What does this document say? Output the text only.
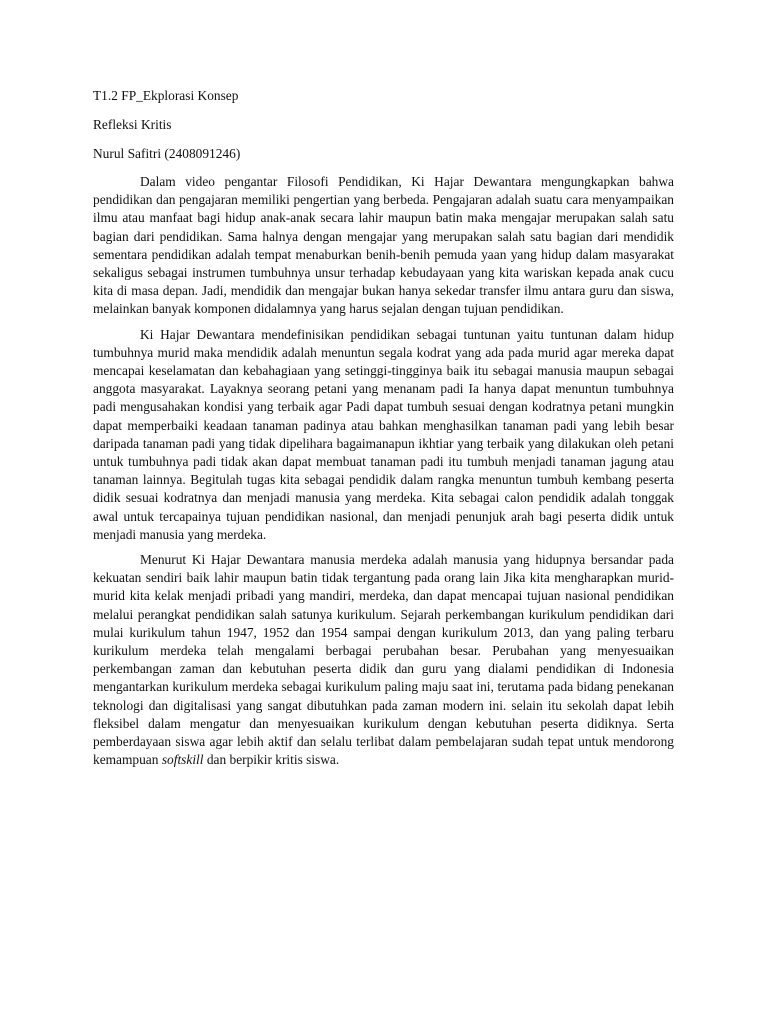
T1.2 FP_Ekplorasi Konsep

Refleksi Kritis

Nurul Safitri (2408091246)

Dalam video pengantar Filosofi Pendidikan, Ki Hajar Dewantara mengungkapkan bahwa pendidikan dan pengajaran memiliki pengertian yang berbeda. Pengajaran adalah suatu cara menyampaikan ilmu atau manfaat bagi hidup anak-anak secara lahir maupun batin maka mengajar merupakan salah satu bagian dari pendidikan. Sama halnya dengan mengajar yang merupakan salah satu bagian dari mendidik sementara pendidikan adalah tempat menaburkan benih-benih pemuda yaan yang hidup dalam masyarakat sekaligus sebagai instrumen tumbuhnya unsur terhadap kebudayaan yang kita wariskan kepada anak cucu kita di masa depan. Jadi, mendidik dan mengajar bukan hanya sekedar transfer ilmu antara guru dan siswa, melainkan banyak komponen didalamnya yang harus sejalan dengan tujuan pendidikan.

Ki Hajar Dewantara mendefinisikan pendidikan sebagai tuntunan yaitu tuntunan dalam hidup tumbuhnya murid maka mendidik adalah menuntun segala kodrat yang ada pada murid agar mereka dapat mencapai keselamatan dan kebahagiaan yang setinggi-tingginya baik itu sebagai manusia maupun sebagai anggota masyarakat. Layaknya seorang petani yang menanam padi Ia hanya dapat menuntun tumbuhnya padi mengusahakan kondisi yang terbaik agar Padi dapat tumbuh sesuai dengan kodratnya petani mungkin dapat memperbaiki keadaan tanaman padinya atau bahkan menghasilkan tanaman padi yang lebih besar daripada tanaman padi yang tidak dipelihara bagaimanapun ikhtiar yang terbaik yang dilakukan oleh petani untuk tumbuhnya padi tidak akan dapat membuat tanaman padi itu tumbuh menjadi tanaman jagung atau tanaman lainnya. Begitulah tugas kita sebagai pendidik dalam rangka menuntun tumbuh kembang peserta didik sesuai kodratnya dan menjadi manusia yang merdeka. Kita sebagai calon pendidik adalah tonggak awal untuk tercapainya tujuan pendidikan nasional, dan menjadi penunjuk arah bagi peserta didik untuk menjadi manusia yang merdeka.

Menurut Ki Hajar Dewantara manusia merdeka adalah manusia yang hidupnya bersandar pada kekuatan sendiri baik lahir maupun batin tidak tergantung pada orang lain Jika kita mengharapkan murid-murid kita kelak menjadi pribadi yang mandiri, merdeka, dan dapat mencapai tujuan nasional pendidikan melalui perangkat pendidikan salah satunya kurikulum. Sejarah perkembangan kurikulum pendidikan dari mulai kurikulum tahun 1947, 1952 dan 1954 sampai dengan kurikulum 2013, dan yang paling terbaru kurikulum merdeka telah mengalami berbagai perubahan besar. Perubahan yang menyesuaikan perkembangan zaman dan kebutuhan peserta didik dan guru yang dialami pendidikan di Indonesia mengantarkan kurikulum merdeka sebagai kurikulum paling maju saat ini, terutama pada bidang penekanan teknologi dan digitalisasi yang sangat dibutuhkan pada zaman modern ini. selain itu sekolah dapat lebih fleksibel dalam mengatur dan menyesuaikan kurikulum dengan kebutuhan peserta didiknya. Serta pemberdayaan siswa agar lebih aktif dan selalu terlibat dalam pembelajaran sudah tepat untuk mendorong kemampuan softskill dan berpikir kritis siswa.
